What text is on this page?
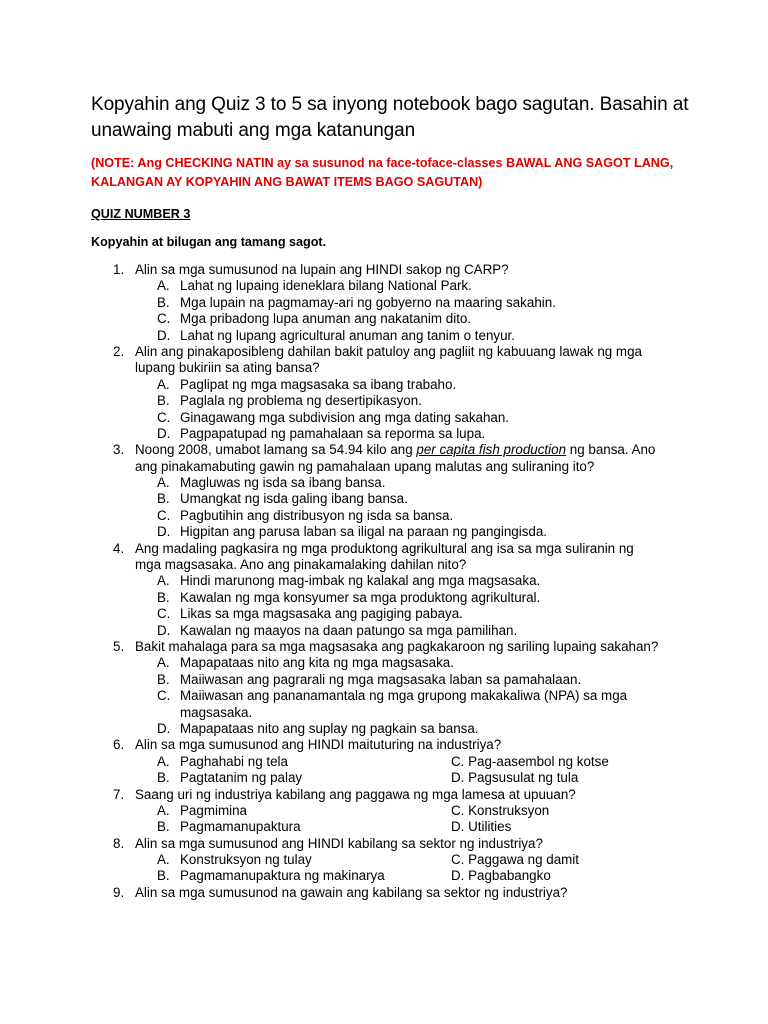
Kopyahin ang Quiz 3 to 5 sa inyong notebook bago sagutan. Basahin at
unawaing mabuti ang mga katanungan
(NOTE: Ang CHECKING NATIN ay sa susunod na face-toface-classes BAWAL ANG SAGOT LANG,
KALANGAN AY KOPYAHIN ANG BAWAT ITEMS BAGO SAGUTAN)
QUIZ NUMBER 3
Kopyahin at bilugan ang tamang sagot.
1. Alin sa mga sumusunod na lupain ang HINDI sakop ng CARP?
A. Lahat ng lupaing ideneklara bilang National Park.
B. Mga lupain na pagmamay-ari ng gobyerno na maaring sakahin.
C. Mga pribadong lupa anuman ang nakatanim dito.
D. Lahat ng lupang agricultural anuman ang tanim o tenyur.
2. Alin ang pinakaposibleng dahilan bakit patuloy ang pagliit ng kabuuang lawak ng mga
lupang bukiriin sa ating bansa?
A. Paglipat ng mga magsasaka sa ibang trabaho.
B. Paglala ng problema ng desertipikasyon.
C. Ginagawang mga subdivision ang mga dating sakahan.
D. Pagpapatupad ng pamahalaan sa reporma sa lupa.
3. Noong 2008, umabot lamang sa 54.94 kilo ang per capita fish production ng bansa. Ano
ang pinakamabuting gawin ng pamahalaan upang malutas ang suliraning ito?
A. Magluwas ng isda sa ibang bansa.
B. Umangkat ng isda galing ibang bansa.
C. Pagbutihin ang distribusyon ng isda sa bansa.
D. Higpitan ang parusa laban sa iligal na paraan ng pangingisda.
4. Ang madaling pagkasira ng mga produktong agrikultural ang isa sa mga suliranin ng
mga magsasaka. Ano ang pinakamalaking dahilan nito?
A. Hindi marunong mag-imbak ng kalakal ang mga magsasaka.
B. Kawalan ng mga konsyumer sa mga produktong agrikultural.
C. Likas sa mga magsasaka ang pagiging pabaya.
D. Kawalan ng maayos na daan patungo sa mga pamilihan.
5. Bakit mahalaga para sa mga magsasaka ang pagkakaroon ng sariling lupaing sakahan?
A. Mapapataas nito ang kita ng mga magsasaka.
B. Maiiwasan ang pagrarali ng mga magsasaka laban sa pamahalaan.
C. Maiiwasan ang pananamantala ng mga grupong makakaliwa (NPA) sa mga
magsasaka.
D. Mapapataas nito ang suplay ng pagkain sa bansa.
6. Alin sa mga sumusunod ang HINDI maituturing na industriya?
A. Paghahabi ng tela	C. Pag-aasembol ng kotse
B. Pagtatanim ng palay	D. Pagsusulat ng tula
7. Saang uri ng industriya kabilang ang paggawa ng mga lamesa at upuuan?
A. Pagmimina	C. Konstruksyon
B. Pagmamanupaktura	D. Utilities
8. Alin sa mga sumusunod ang HINDI kabilang sa sektor ng industriya?
A. Konstruksyon ng tulay	C. Paggawa ng damit
B. Pagmamanupaktura ng makinarya	D. Pagbabangko
9. Alin sa mga sumusunod na gawain ang kabilang sa sektor ng industriya?
